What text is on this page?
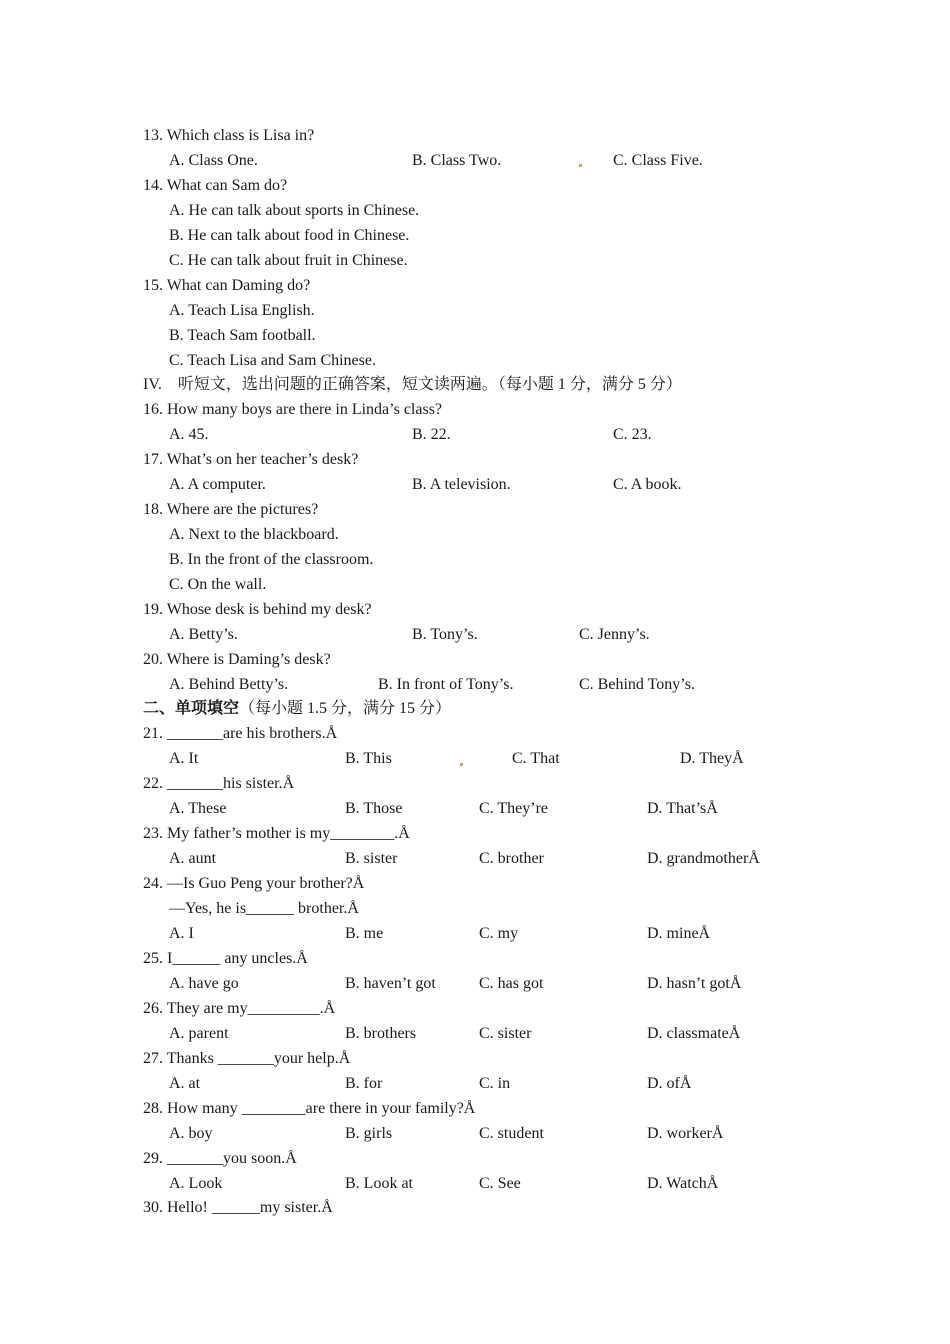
13. Which class is Lisa in?
A. Class One.	B. Class Two.	C. Class Five.
14. What can Sam do?
A. He can talk about sports in Chinese.
B. He can talk about food in Chinese.
C. He can talk about fruit in Chinese.
15. What can Daming do?
A. Teach Lisa English.
B. Teach Sam football.
C. Teach Lisa and Sam Chinese.
IV. 听短文，选出问题的正确答案，短文读两遍。（每小题 1 分，满分 5 分）
16. How many boys are there in Linda’s class?
A. 45.	B. 22.	C. 23.
17. What’s on her teacher’s desk?
A. A computer.	B. A television.	C. A book.
18. Where are the pictures?
A. Next to the blackboard.
B. In the front of the classroom.
C. On the wall.
19. Whose desk is behind my desk?
A. Betty’s.	B. Tony’s.	C. Jenny’s.
20. Where is Daming’s desk?
A. Behind Betty’s.	B. In front of Tony’s.	C. Behind Tony’s.
二、单项填空（每小题 1.5 分，满分 15 分）
21. _______are his brothers.Å
A. It	B. This	C. That	D. TheyÅ
22. _______his sister.Å
A. These	B. Those	C. They’re	D. That’sÅ
23. My father’s mother is my________.Å
A. aunt	B. sister	C. brother	D. grandmotherÅ
24. —Is Guo Peng your brother?Å
—Yes, he is______ brother.Å
A. I	B. me	C. my	D. mineÅ
25. I______ any uncles.Å
A. have go	B. haven’t got	C. has got	D. hasn’t gotÅ
26. They are my_________.Å
A. parent	B. brothers	C. sister	D. classmateÅ
27. Thanks _______your help.Å
A. at	B. for	C. in	D. ofÅ
28. How many ________are there in your family?Å
A. boy	B. girls	C. student	D. workerÅ
29. _______you soon.Å
A. Look	B. Look at	C. See	D. WatchÅ
30. Hello! ______my sister.Å
